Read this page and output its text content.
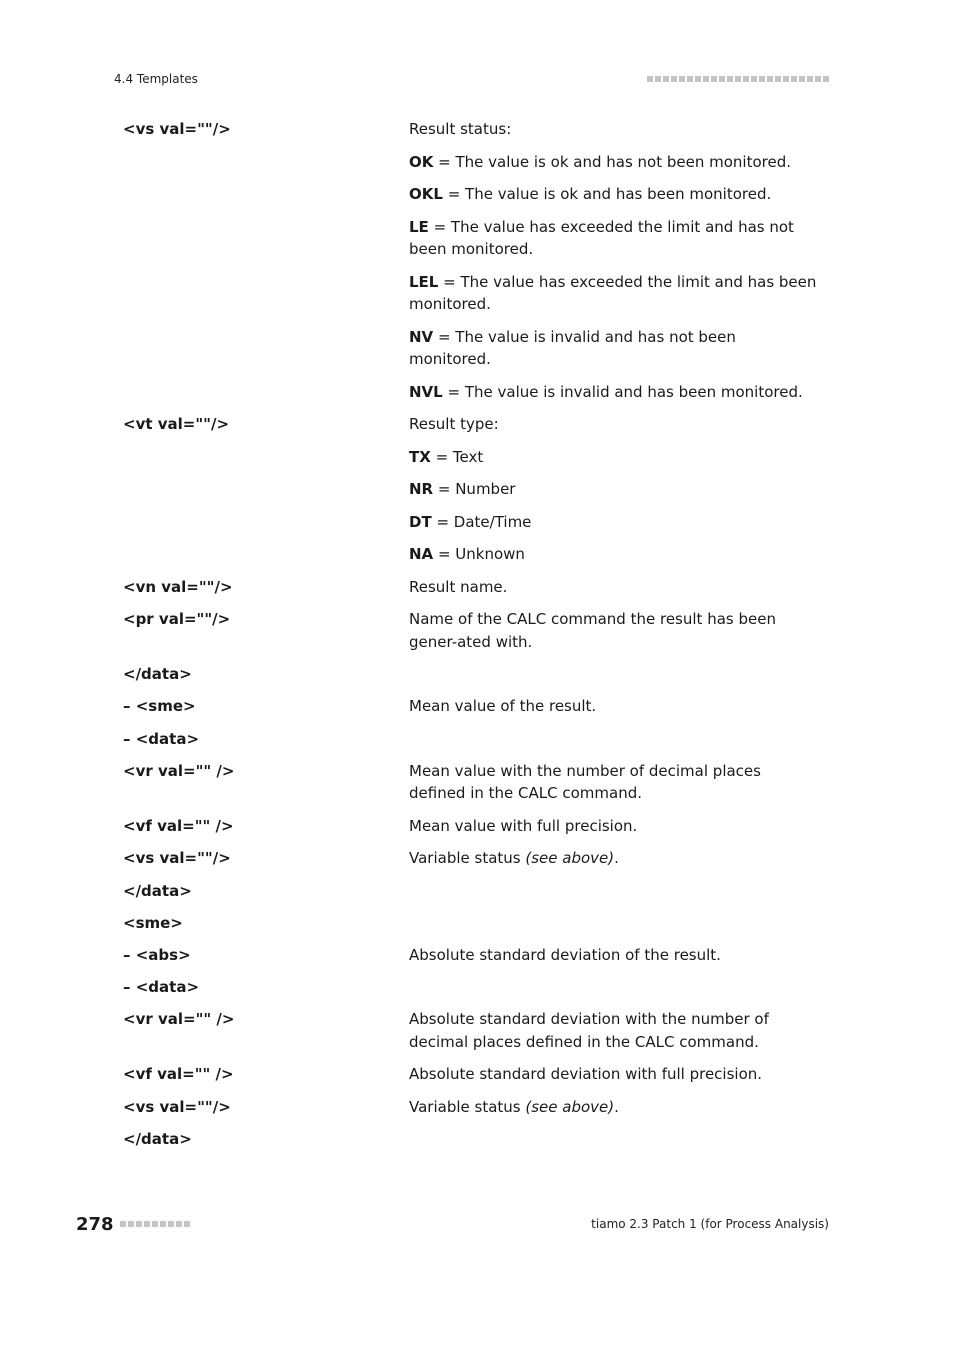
4.4 Templates
<vs val=""/>	Result status:

OK = The value is ok and has not been monitored.

OKL = The value is ok and has been monitored.

LE = The value has exceeded the limit and has not been monitored.

LEL = The value has exceeded the limit and has been monitored.

NV = The value is invalid and has not been monitored.

NVL = The value is invalid and has been monitored.

<vt val=""/>	Result type:

TX = Text

NR = Number

DT = Date/Time

NA = Unknown

<vn val=""/>	Result name.

<pr val=""/>	Name of the CALC command the result has been gener-ated with.

</data>
– <sme>	Mean value of the result.

– <data>
<vr val="" />	Mean value with the number of decimal places defined in the CALC command.

<vf val="" />	Mean value with full precision.

<vs val=""/>	Variable status (see above).

</data>
<sme>
– <abs>	Absolute standard deviation of the result.

– <data>
<vr val="" />	Absolute standard deviation with the number of decimal places defined in the CALC command.

<vf val="" />	Absolute standard deviation with full precision.

<vs val=""/>	Variable status (see above).

</data>
278	tiamo 2.3 Patch 1 (for Process Analysis)
